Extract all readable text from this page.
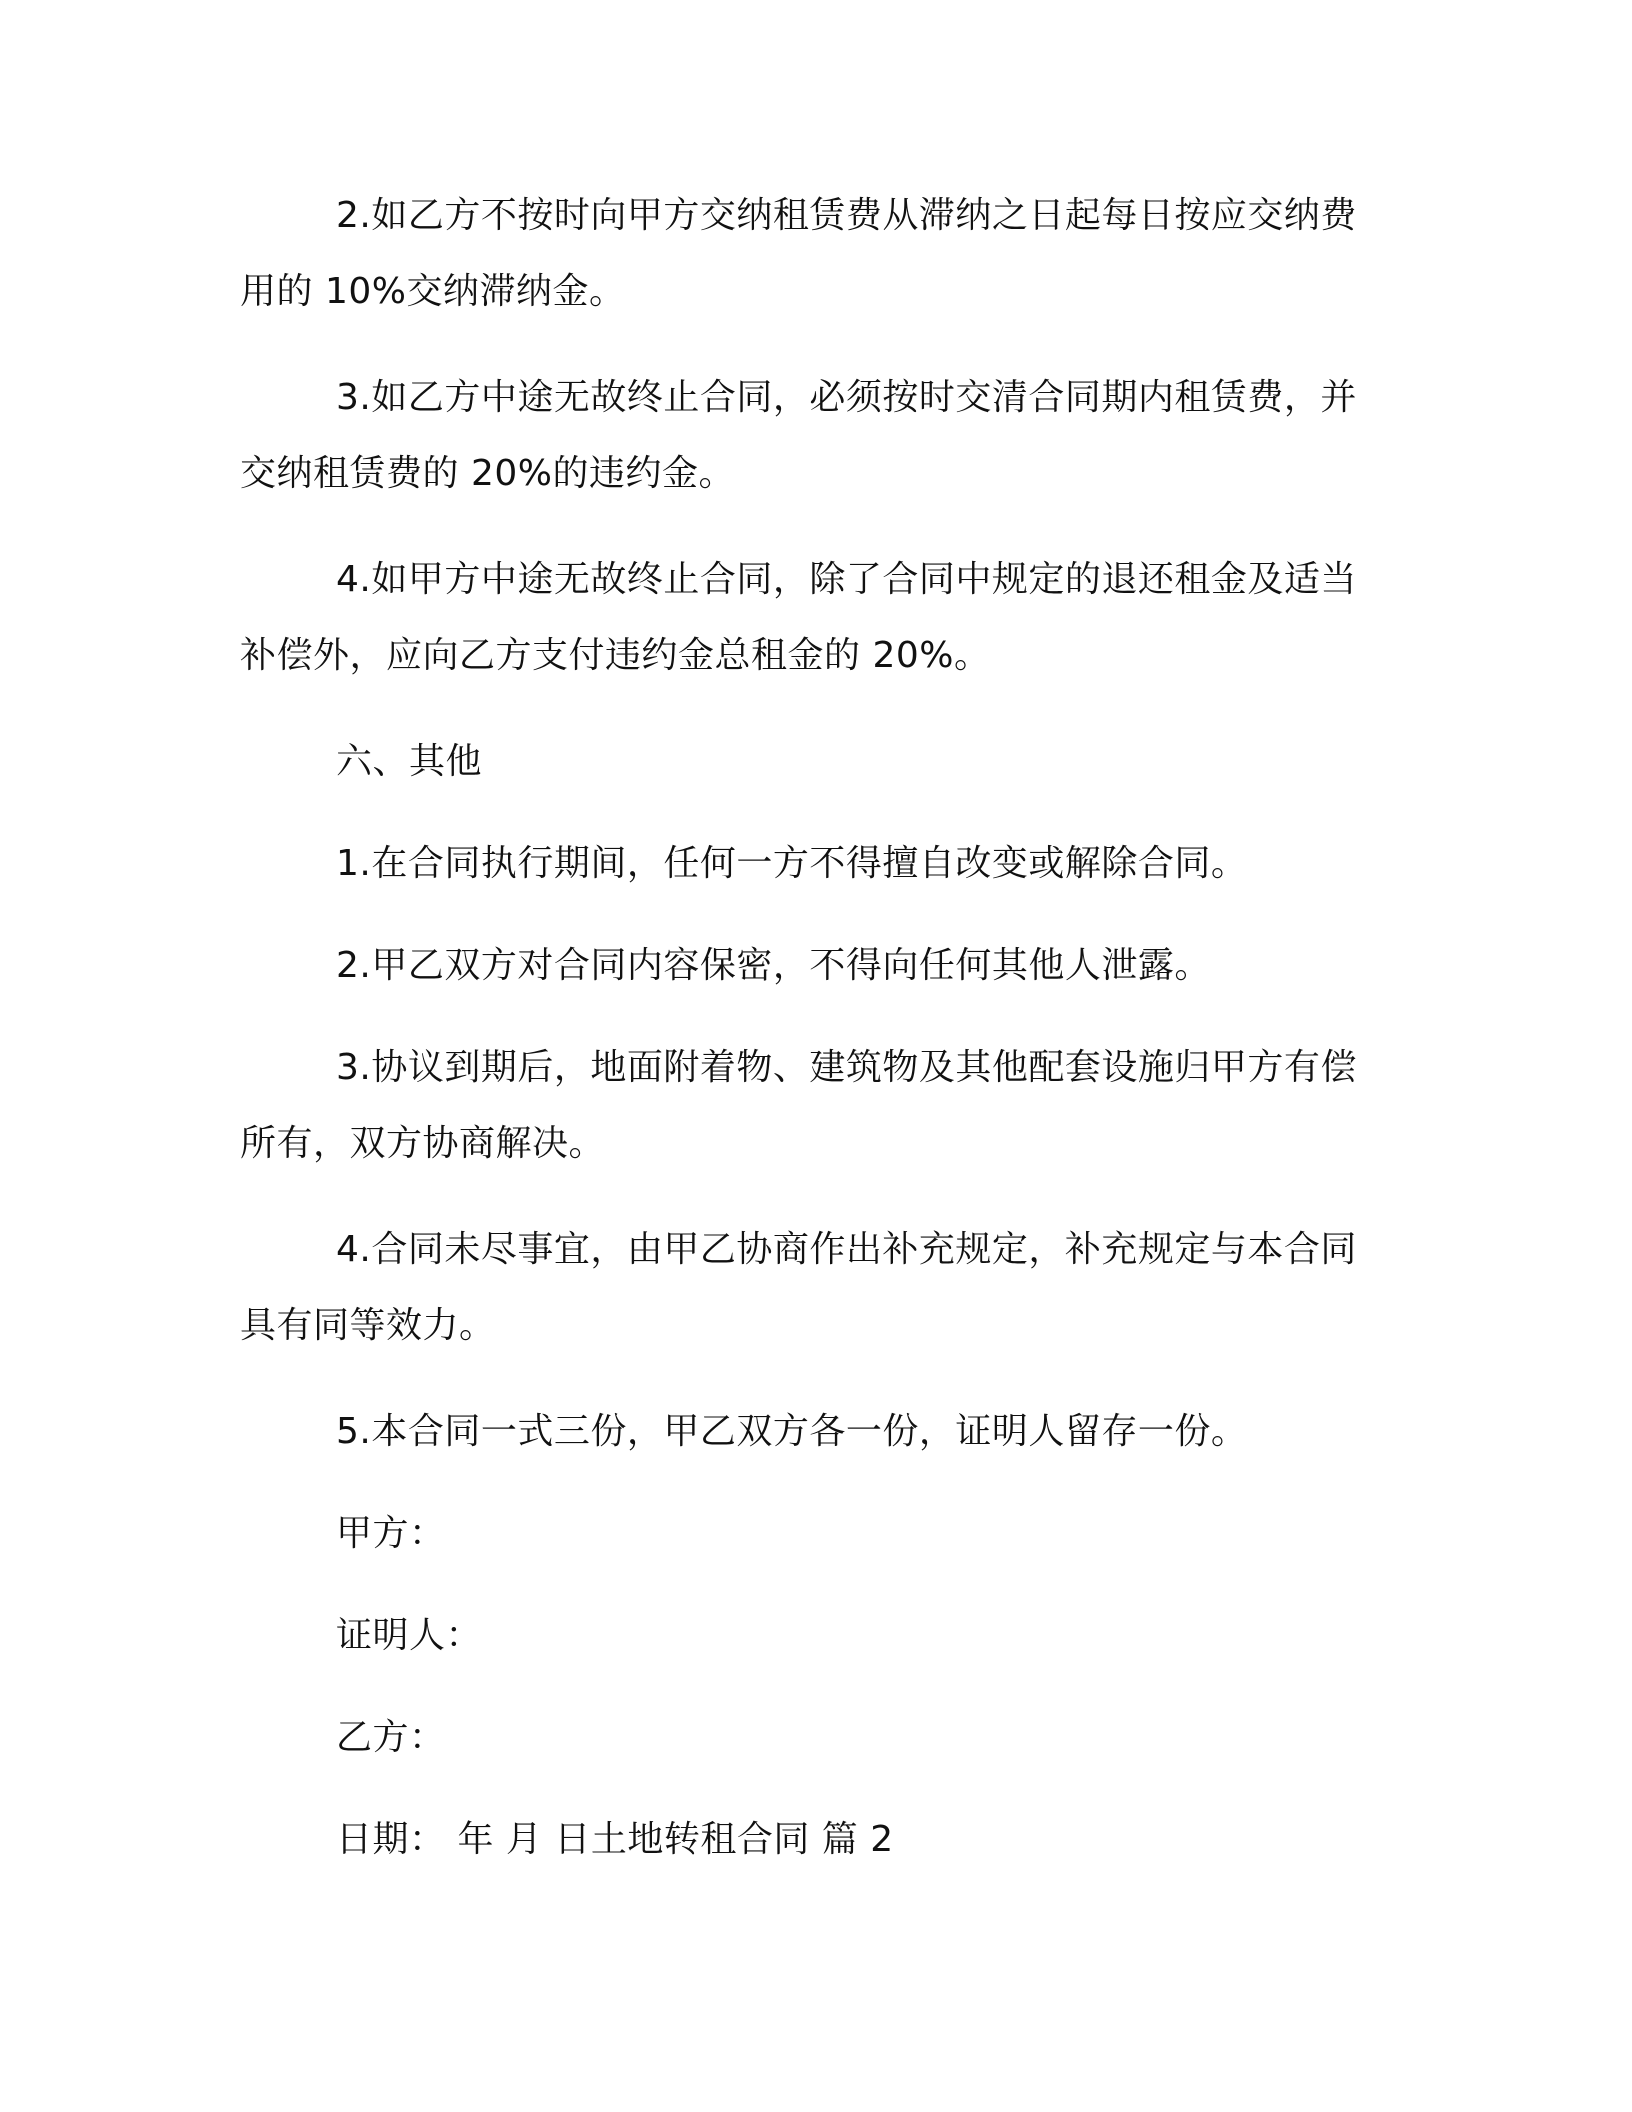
2.如乙方不按时向甲方交纳租赁费从滞纳之日起每日按应交纳费用的 10%交纳滞纳金。

3.如乙方中途无故终止合同，必须按时交清合同期内租赁费，并交纳租赁费的 20%的违约金。

4.如甲方中途无故终止合同，除了合同中规定的退还租金及适当补偿外，应向乙方支付违约金总租金的 20%。

六、其他

1.在合同执行期间，任何一方不得擅自改变或解除合同。

2.甲乙双方对合同内容保密，不得向任何其他人泄露。

3.协议到期后，地面附着物、建筑物及其他配套设施归甲方有偿所有，双方协商解决。

4.合同未尽事宜，由甲乙协商作出补充规定，补充规定与本合同具有同等效力。

5.本合同一式三份，甲乙双方各一份，证明人留存一份。

甲方：

证明人：

乙方：

日期： 年 月 日土地转租合同 篇 2
